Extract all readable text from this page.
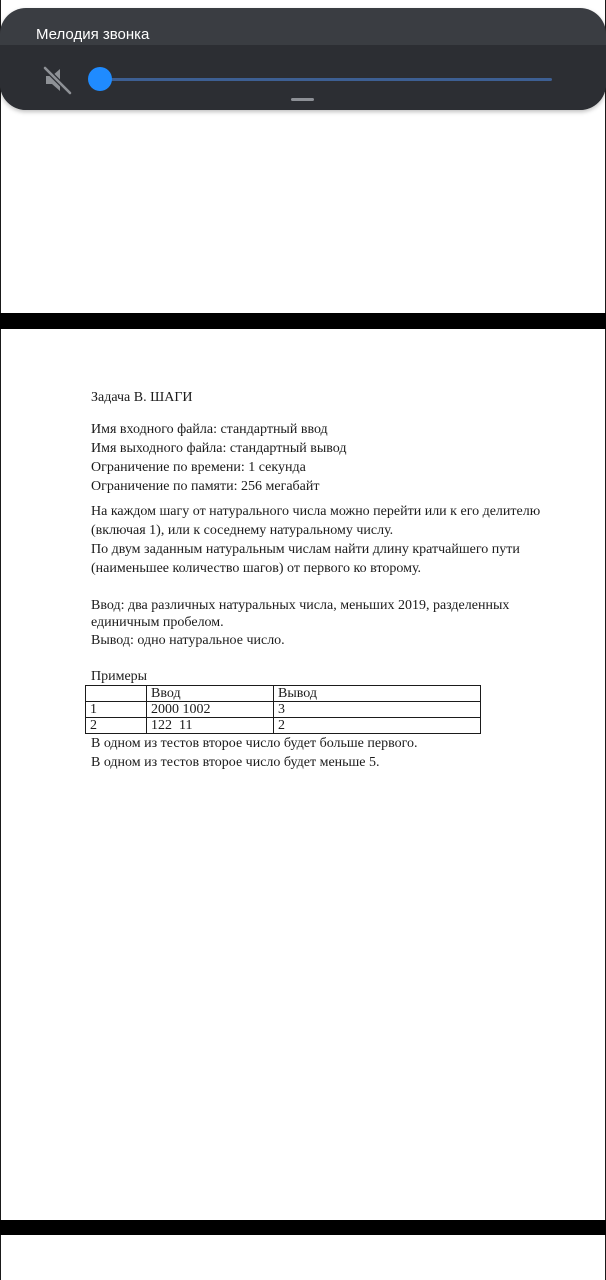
Мелодия звонка

Задача B. ШАГИ

Имя входного файла: стандартный ввод

Имя выходного файла: стандартный вывод

Ограничение по времени: 1 секунда

Ограничение по памяти: 256 мегабайт

На каждом шагу от натурального числа можно перейти или к его делителю

(включая 1), или к соседнему натуральному числу.

По двум заданным натуральным числам найти длину кратчайшего пути

(наименьшее количество шагов) от первого ко второму.

Ввод: два различных натуральных числа, меньших 2019, разделенных

единичным пробелом.

Вывод: одно натуральное число.

Примеры

	Ввод	Вывод
1	2000 1002	3
2	122  11	2

В одном из тестов второе число будет больше первого.

В одном из тестов второе число будет меньше 5.
